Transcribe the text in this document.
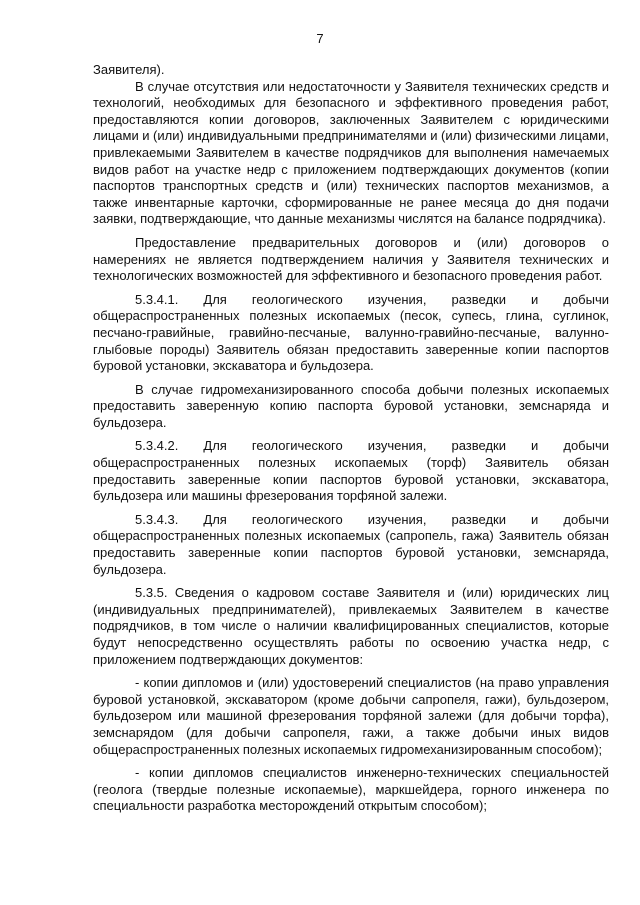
7

Заявителя).

В случае отсутствия или недостаточности у Заявителя технических средств и технологий, необходимых для безопасного и эффективного проведения работ, предоставляются копии договоров, заключенных Заявителем с юридическими лицами и (или) индивидуальными предпринимателями и (или) физическими лицами, привлекаемыми Заявителем в качестве подрядчиков для выполнения намечаемых видов работ на участке недр с приложением подтверждающих документов (копии паспортов транспортных средств и (или) технических паспортов механизмов, а также инвентарные карточки, сформированные не ранее месяца до дня подачи заявки, подтверждающие, что данные механизмы числятся на балансе подрядчика).

Предоставление предварительных договоров и (или) договоров о намерениях не является подтверждением наличия у Заявителя технических и технологических возможностей для эффективного и безопасного проведения работ.

5.3.4.1. Для геологического изучения, разведки и добычи общераспространенных полезных ископаемых (песок, супесь, глина, суглинок, песчано-гравийные, гравийно-песчаные, валунно-гравийно-песчаные, валунно-глыбовые породы) Заявитель обязан предоставить заверенные копии паспортов буровой установки, экскаватора и бульдозера.

В случае гидромеханизированного способа добычи полезных ископаемых предоставить заверенную копию паспорта буровой установки, земснаряда и бульдозера.

5.3.4.2. Для геологического изучения, разведки и добычи общераспространенных полезных ископаемых (торф) Заявитель обязан предоставить заверенные копии паспортов буровой установки, экскаватора, бульдозера или машины фрезерования торфяной залежи.

5.3.4.3. Для геологического изучения, разведки и добычи общераспространенных полезных ископаемых (сапропель, гажа) Заявитель обязан предоставить заверенные копии паспортов буровой установки, земснаряда, бульдозера.

5.3.5. Сведения о кадровом составе Заявителя и (или) юридических лиц (индивидуальных предпринимателей), привлекаемых Заявителем в качестве подрядчиков, в том числе о наличии квалифицированных специалистов, которые будут непосредственно осуществлять работы по освоению участка недр, с приложением подтверждающих документов:

- копии дипломов и (или) удостоверений специалистов (на право управления буровой установкой, экскаватором (кроме добычи сапропеля, гажи), бульдозером, бульдозером или машиной фрезерования торфяной залежи (для добычи торфа), земснарядом (для добычи сапропеля, гажи, а также добычи иных видов общераспространенных полезных ископаемых гидромеханизированным способом);

- копии дипломов специалистов инженерно-технических специальностей (геолога (твердые полезные ископаемые), маркшейдера, горного инженера по специальности разработка месторождений открытым способом);
